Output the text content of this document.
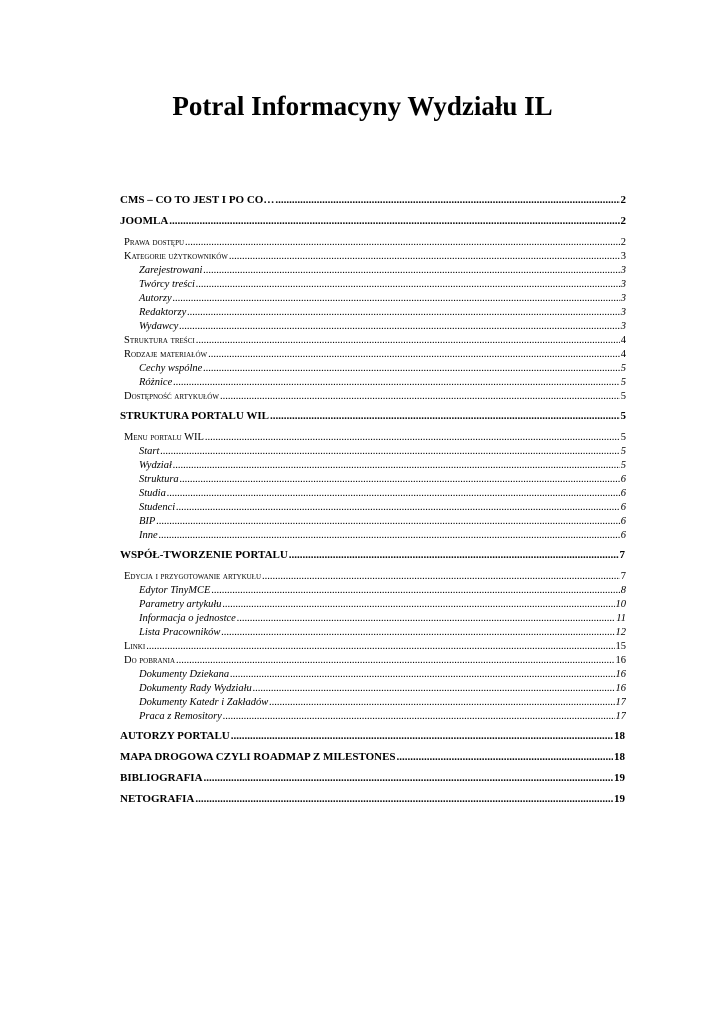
Potral Informacyny Wydziału IL
CMS – CO TO JEST I PO CO… .....	2
JOOMLA .....	2
Prawa dostępu .....	2
Kategorie użytkowników .....	3
Zarejestrowani .....	3
Twórcy treści .....	3
Autorzy .....	3
Redaktorzy .....	3
Wydawcy .....	3
Struktura treści .....	4
Rodzaje materiałów .....	4
Cechy wspólne .....	5
Różnice .....	5
Dostępność artykułów .....	5
STRUKTURA PORTALU WIL .....	5
Menu portalu WIL .....	5
Start .....	5
Wydział .....	5
Struktura .....	6
Studia .....	6
Studenci .....	6
BIP .....	6
Inne .....	6
WSPÓŁ-TWORZENIE PORTALU .....	7
Edycja i przygotowanie artykułu .....	7
Edytor TinyMCE .....	8
Parametry artykułu .....	10
Informacja o jednostce .....	11
Lista Pracowników .....	12
Linki .....	15
Do pobrania .....	16
Dokumenty Dziekana .....	16
Dokumenty Rady Wydziału .....	16
Dokumenty Katedr i Zakładów .....	17
Praca z Remository .....	17
AUTORZY PORTALU .....	18
MAPA DROGOWA CZYLI ROADMAP Z MILESTONES .....	18
BIBLIOGRAFIA .....	19
NETOGRAFIA .....	19
